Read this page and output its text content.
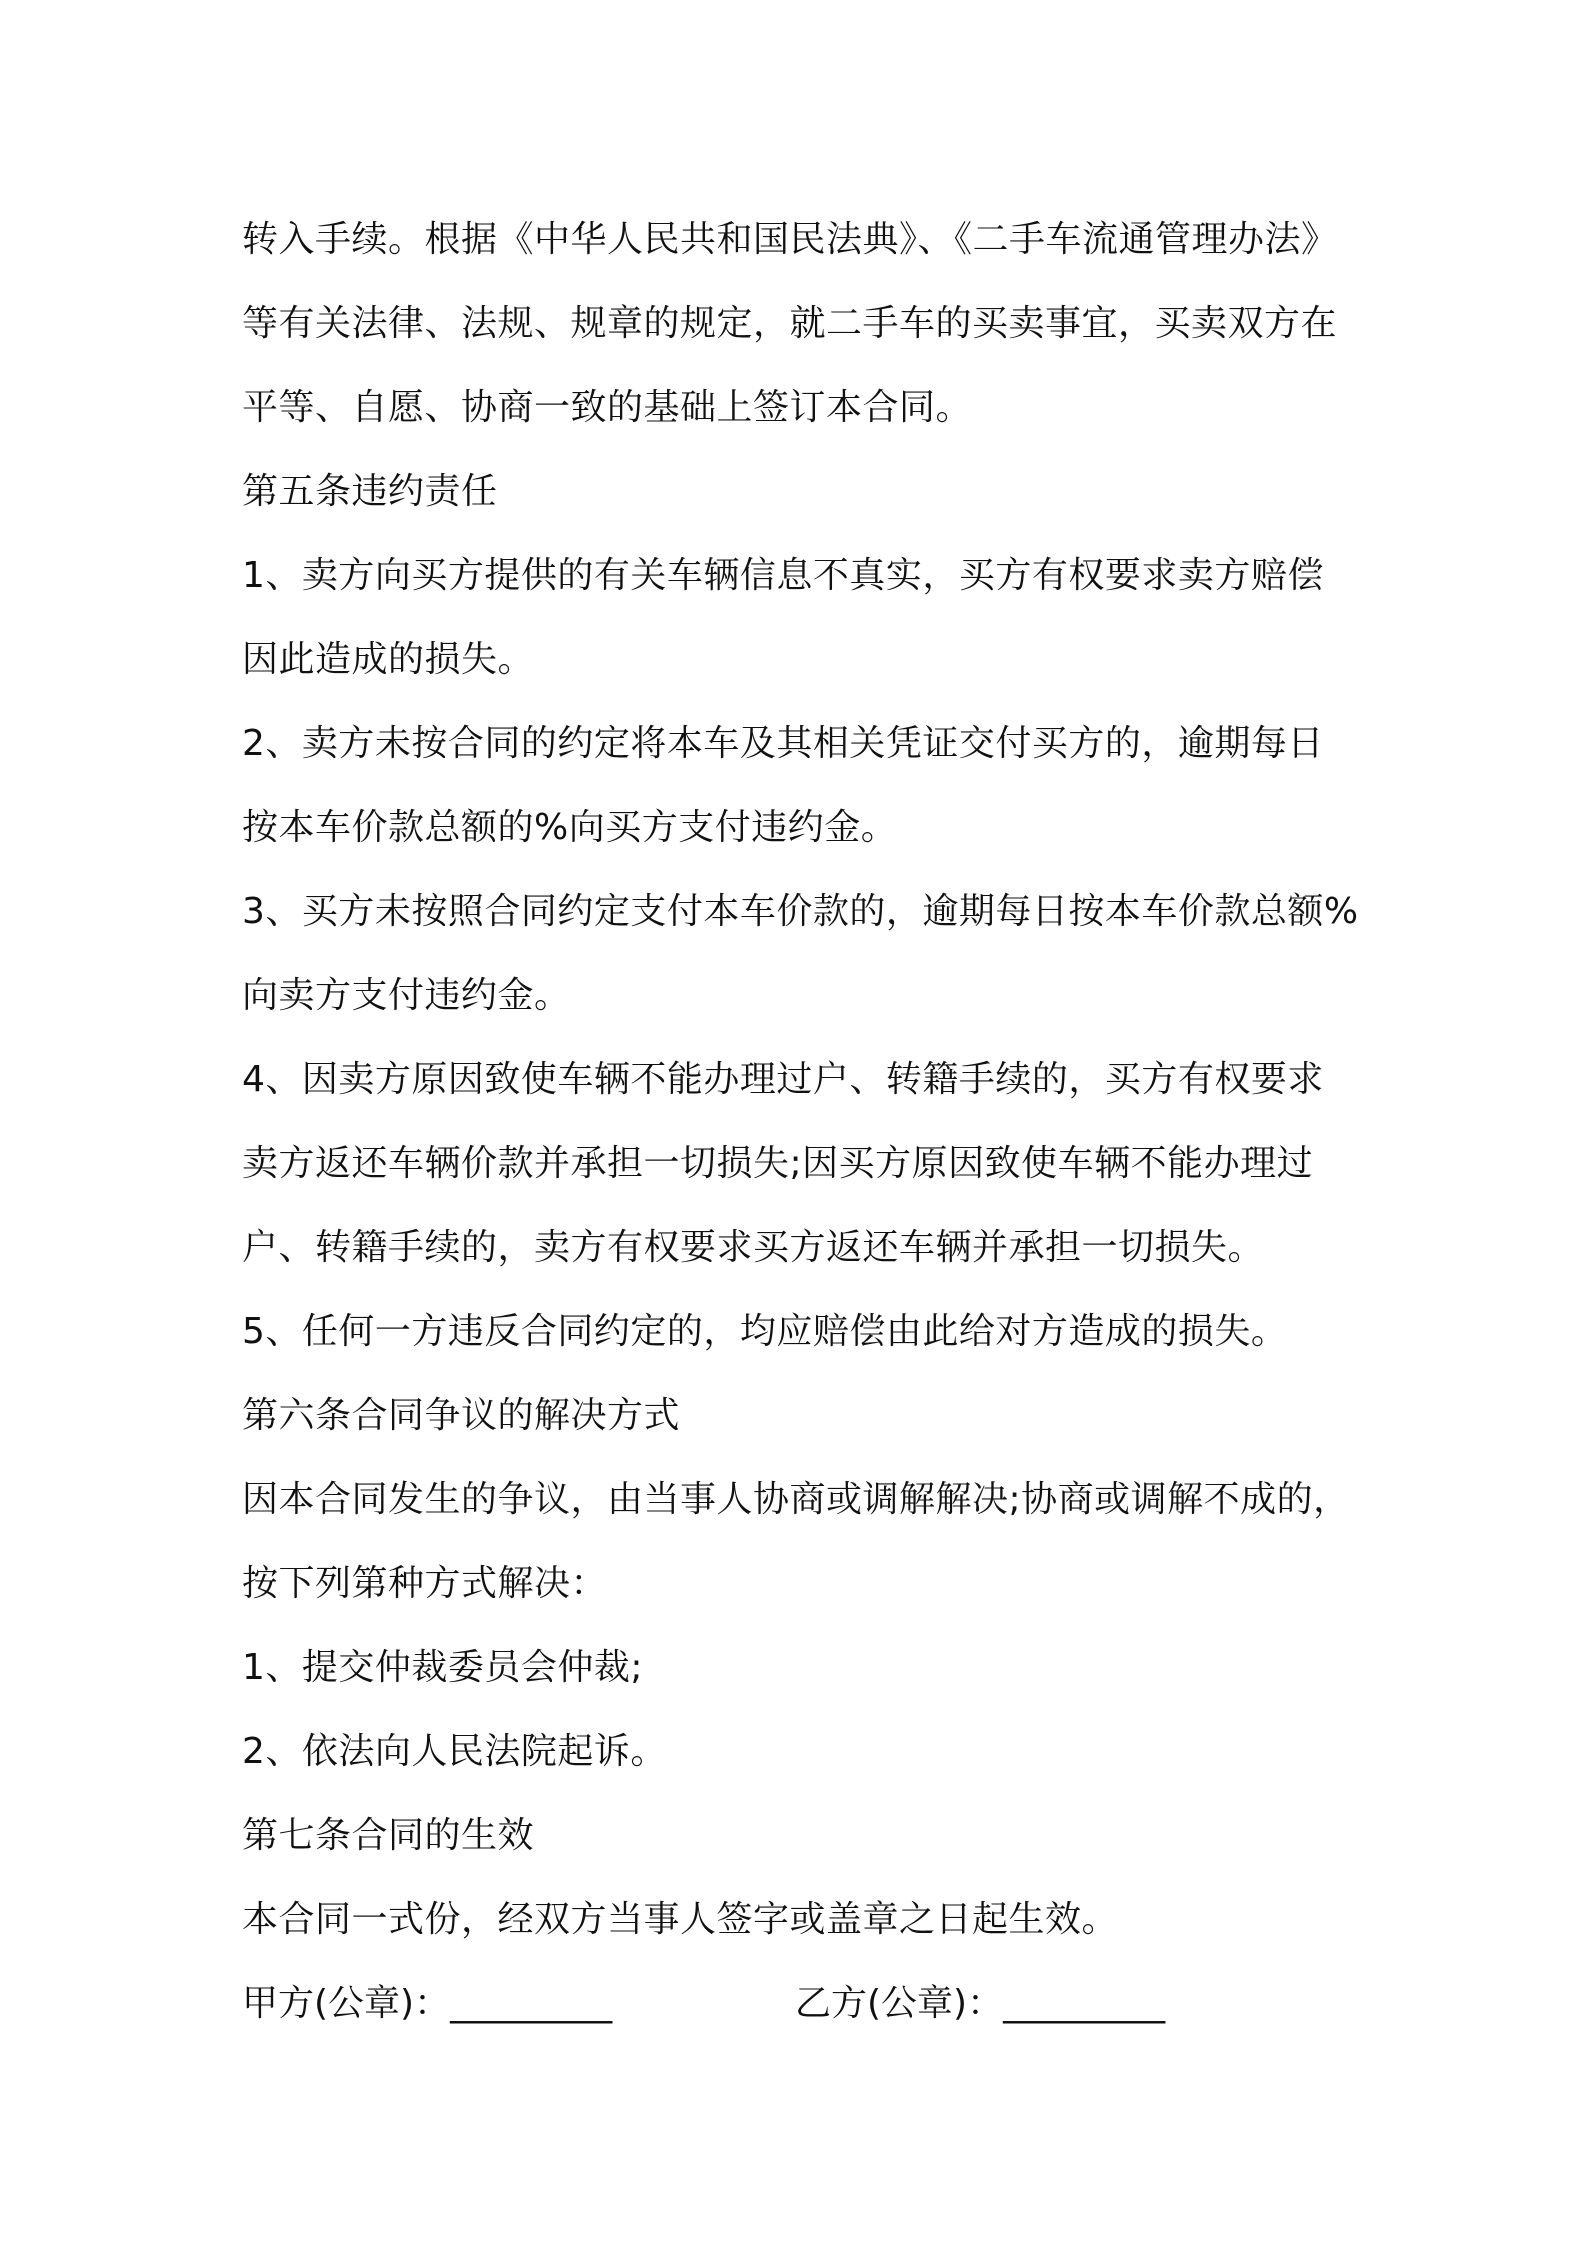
转入手续。根据《中华人民共和国民法典》、《二手车流通管理办法》
等有关法律、法规、规章的规定，就二手车的买卖事宜，买卖双方在
平等、自愿、协商一致的基础上签订本合同。
第五条违约责任
1、卖方向买方提供的有关车辆信息不真实，买方有权要求卖方赔偿
因此造成的损失。
2、卖方未按合同的约定将本车及其相关凭证交付买方的，逾期每日
按本车价款总额的%向买方支付违约金。
3、买方未按照合同约定支付本车价款的，逾期每日按本车价款总额%
向卖方支付违约金。
4、因卖方原因致使车辆不能办理过户、转籍手续的，买方有权要求
卖方返还车辆价款并承担一切损失;因买方原因致使车辆不能办理过
户、转籍手续的，卖方有权要求买方返还车辆并承担一切损失。
5、任何一方违反合同约定的，均应赔偿由此给对方造成的损失。
第六条合同争议的解决方式
因本合同发生的争议，由当事人协商或调解解决;协商或调解不成的，
按下列第种方式解决：
1、提交仲裁委员会仲裁;
2、依法向人民法院起诉。
第七条合同的生效
本合同一式份，经双方当事人签字或盖章之日起生效。
甲方(公章)：_________	乙方(公章)：_________
